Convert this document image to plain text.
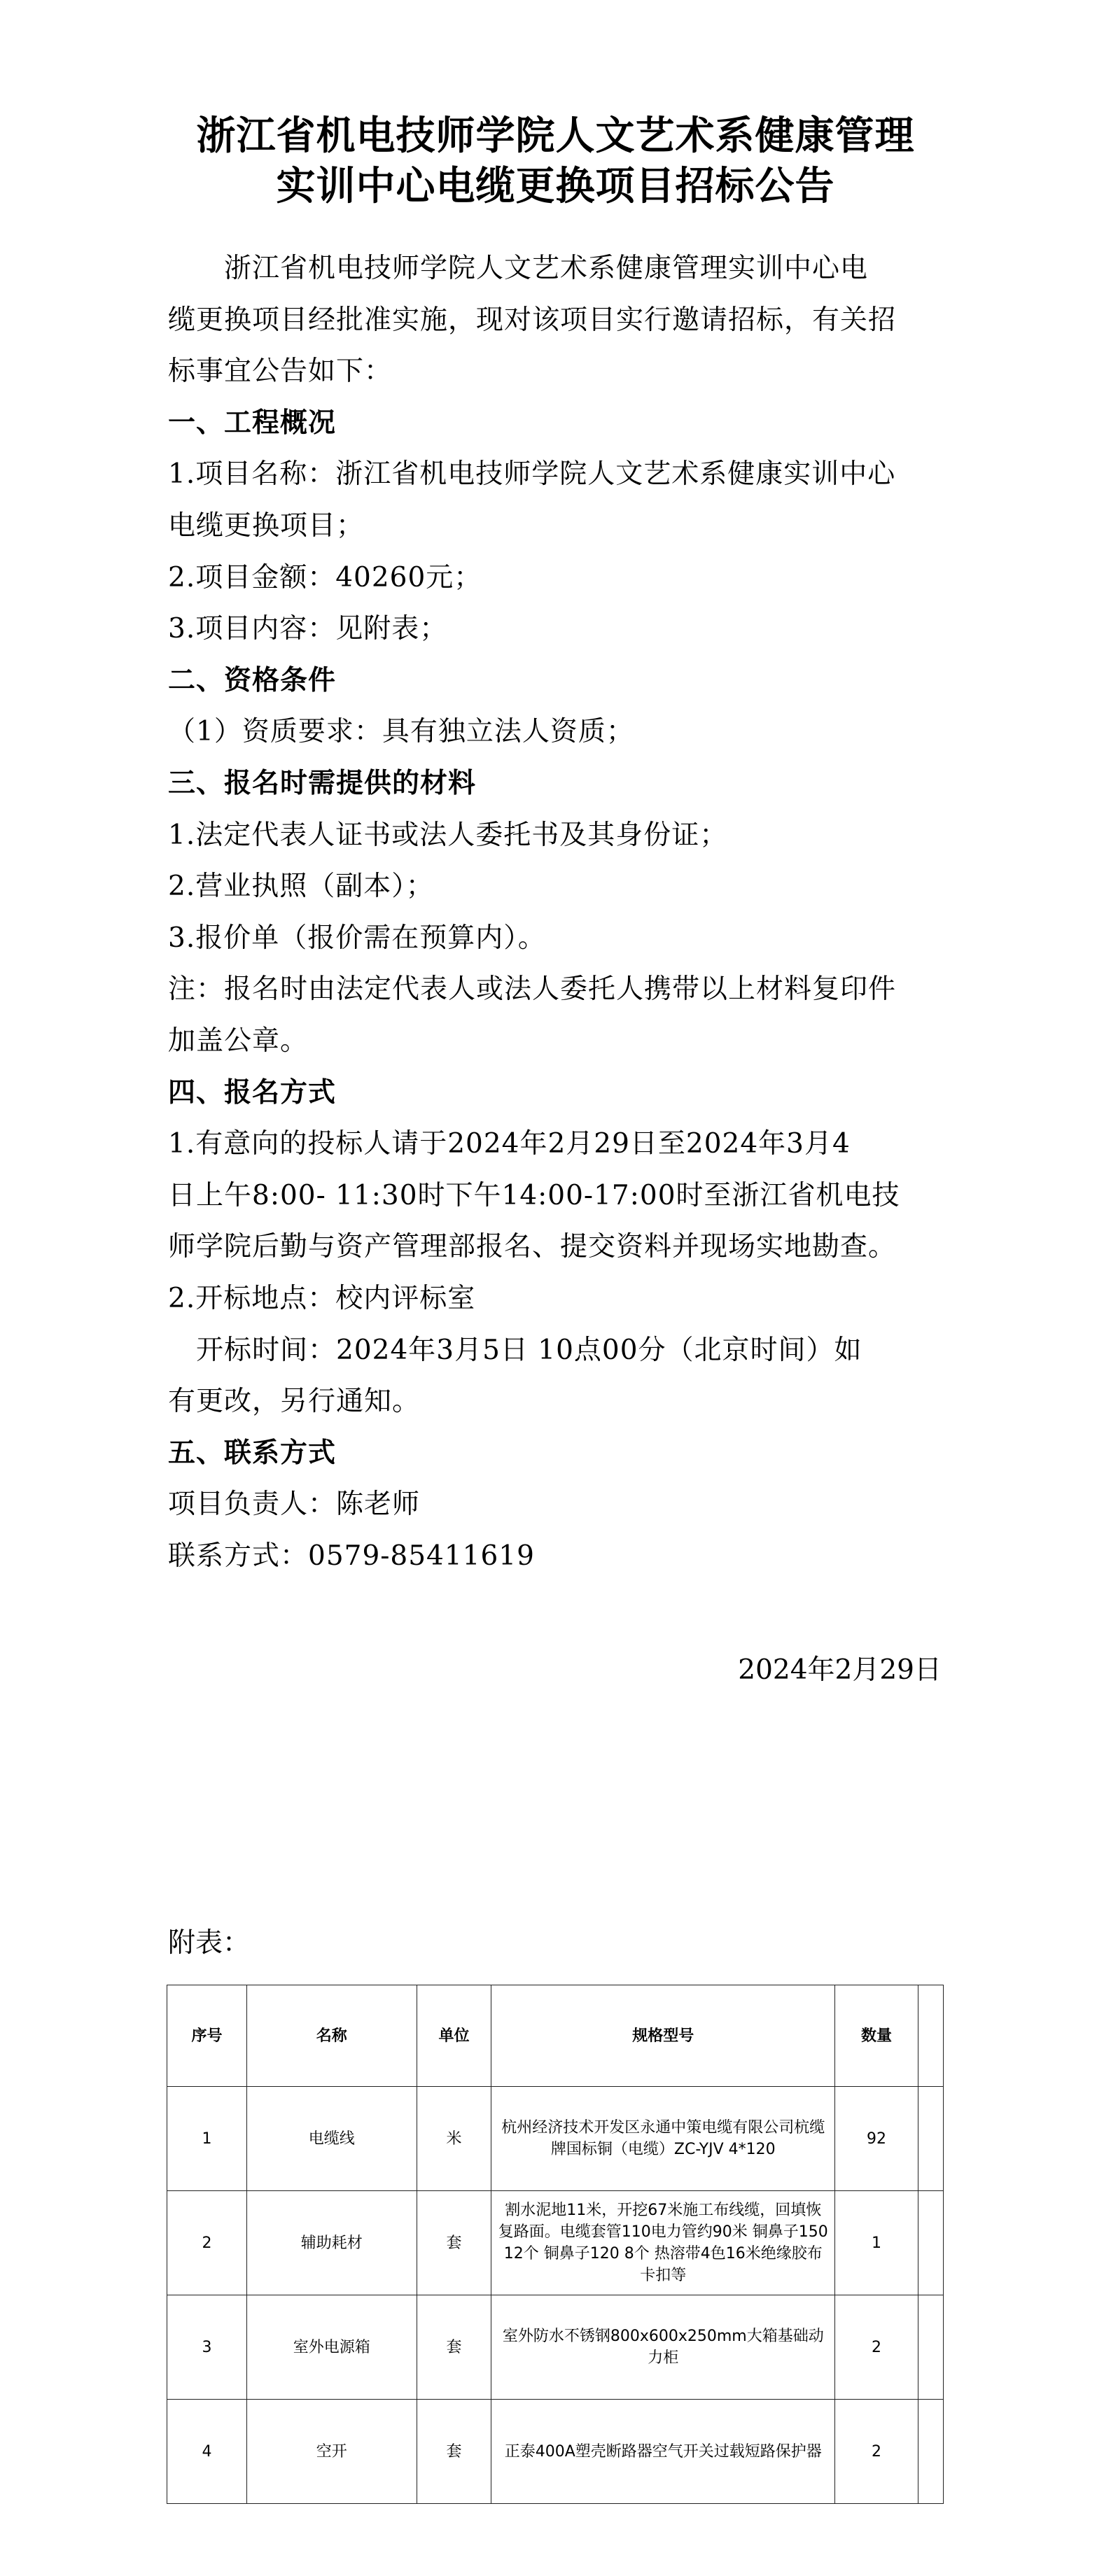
浙江省机电技师学院人文艺术系健康管理
实训中心电缆更换项目招标公告
　　浙江省机电技师学院人文艺术系健康管理实训中心电
缆更换项目经批准实施，现对该项目实行邀请招标，有关招
标事宜公告如下：
一、工程概况
1.项目名称：浙江省机电技师学院人文艺术系健康实训中心
电缆更换项目；
2.项目金额：40260元；
3.项目内容：见附表；
二、资格条件
（1）资质要求：具有独立法人资质；
三、报名时需提供的材料
1.法定代表人证书或法人委托书及其身份证；
2.营业执照（副本）；
3.报价单（报价需在预算内）。
注：报名时由法定代表人或法人委托人携带以上材料复印件
加盖公章。
四、报名方式
1.有意向的投标人请于2024年2月29日至2024年3月4
日上午8:00- 11:30时下午14:00-17:00时至浙江省机电技
师学院后勤与资产管理部报名、提交资料并现场实地勘查。
2.开标地点：校内评标室
　开标时间：2024年3月5日 10点00分（北京时间）如
有更改，另行通知。
五、联系方式
项目负责人：陈老师
联系方式：0579-85411619
2024年2月29日
附表：
序号	名称	单位	规格型号	数量	
1	电缆线	米	杭州经济技术开发区永通中策电缆有限公司杭缆牌国标铜（电缆）ZC-YJV 4*120	92	
2	辅助耗材	套	割水泥地11米，开挖67米施工布线缆，回填恢复路面。电缆套管110电力管约90米 铜鼻子150 12个 铜鼻子120 8个 热溶带4色16米绝缘胶布卡扣等	1	
3	室外电源箱	套	室外防水不锈钢800x600x250mm大箱基础动力柜	2	
4	空开	套	正泰400A塑壳断路器空气开关过载短路保护器	2	
